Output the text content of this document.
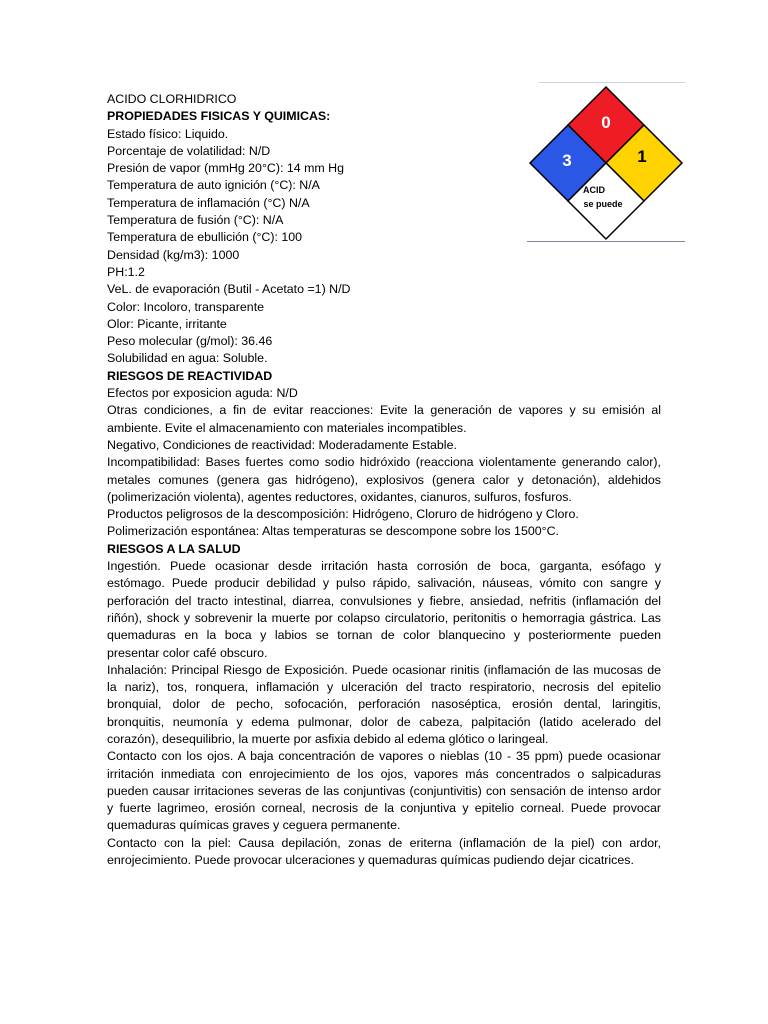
0
3	1
ACID
se puede

ACIDO CLORHIDRICO

PROPIEDADES FISICAS Y QUIMICAS:

Estado físico: Liquido.

Porcentaje de volatilidad: N/D

Presión de vapor (mmHg 20°C): 14 mm Hg

Temperatura de auto ignición (°C): N/A

Temperatura de inflamación (°C) N/A

Temperatura de fusión (°C): N/A

Temperatura de ebullición (°C): 100

Densidad (kg/m3): 1000

PH:1.2

VeL. de evaporación (Butil - Acetato =1) N/D

Color: Incoloro, transparente

Olor: Picante, irritante

Peso molecular (g/mol): 36.46

Solubilidad en agua: Soluble.

RIESGOS DE REACTIVIDAD

Efectos por exposicion aguda: N/D

Otras condiciones, a fin de evitar reacciones: Evite la generación de vapores y su emisión al
ambiente. Evite el almacenamiento con materiales incompatibles.

Negativo, Condiciones de reactividad: Moderadamente Estable.

Incompatibilidad: Bases fuertes como sodio hidróxido (reacciona violentamente generando calor),
metales comunes (genera gas hidrógeno), explosivos (genera calor y detonación), aldehidos
(polimerización violenta), agentes reductores, oxidantes, cianuros, sulfuros, fosfuros.

Productos peligrosos de la descomposición: Hidrógeno, Cloruro de hidrógeno y Cloro.

Polimerización espontánea: Altas temperaturas se descompone sobre los 1500°C.

RIESGOS A LA SALUD

Ingestión. Puede ocasionar desde irritación hasta corrosión de boca, garganta, esófago y
estómago. Puede producir debilidad y pulso rápido, salivación, náuseas, vómito con sangre y
perforación del tracto intestinal, diarrea, convulsiones y fiebre, ansiedad, nefritis (inflamación del
riñón), shock y sobrevenir la muerte por colapso circulatorio, peritonitis o hemorragia gástrica. Las
quemaduras en la boca y labios se tornan de color blanquecino y posteriormente pueden
presentar color café obscuro.
Inhalación: Principal Riesgo de Exposición. Puede ocasionar rinitis (inflamación de las mucosas de
la nariz), tos, ronquera, inflamación y ulceración del tracto respiratorio, necrosis del epitelio
bronquial, dolor de pecho, sofocación, perforación nasoséptica, erosión dental, laringitis,
bronquitis, neumonía y edema pulmonar, dolor de cabeza, palpitación (latido acelerado del
corazón), desequilibrio, la muerte por asfixia debido al edema glótico o laringeal.
Contacto con los ojos. A baja concentración de vapores o nieblas (10 - 35 ppm) puede ocasionar
irritación inmediata con enrojecimiento de los ojos, vapores más concentrados o salpicaduras
pueden causar irritaciones severas de las conjuntivas (conjuntivitis) con sensación de intenso ardor
y fuerte lagrimeo, erosión corneal, necrosis de la conjuntiva y epitelio corneal. Puede provocar
quemaduras químicas graves y ceguera permanente.
Contacto con la piel: Causa depilación, zonas de eriterna (inflamación de la piel) con ardor,
enrojecimiento. Puede provocar ulceraciones y quemaduras químicas pudiendo dejar cicatrices.
